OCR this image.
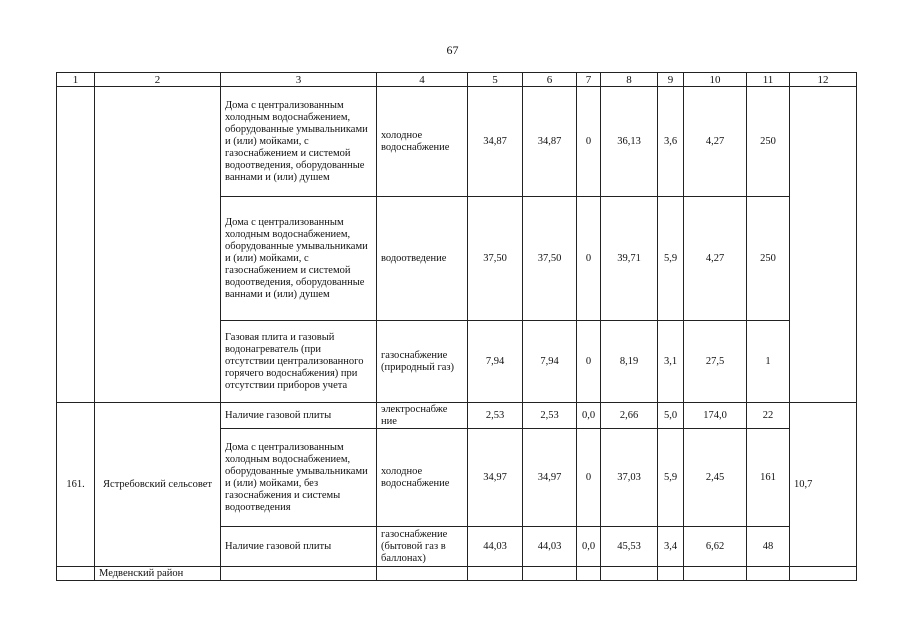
67
1	2	3	4	5	6	7	8	9	10	11	12
		Дома с централизованным холодным водоснабжением, оборудованные умывальниками и (или) мойками, с газоснабжением и системой водоотведения, оборудованные ваннами и (или) душем	холодное водоснабжение	34,87	34,87	0	36,13	3,6	4,27	250	
		Дома с централизованным холодным водоснабжением, оборудованные умывальниками и (или) мойками, с газоснабжением и системой водоотведения, оборудованные ваннами и (или) душем	водоотведение	37,50	37,50	0	39,71	5,9	4,27	250	
		Газовая плита и газовый водонагреватель (при отсутствии централизованного горячего водоснабжения) при отсутствии приборов учета	газоснабжение (природный газ)	7,94	7,94	0	8,19	3,1	27,5	1	
161.	Ястребовский сельсовет	Наличие газовой плиты	электроснабже ние	2,53	2,53	0,0	2,66	5,0	174,0	22	10,7
		Дома с централизованным холодным водоснабжением, оборудованные умывальниками и (или) мойками, без газоснабжения и системы водоотведения	холодное водоснабжение	34,97	34,97	0	37,03	5,9	2,45	161	
		Наличие газовой плиты	газоснабжение (бытовой газ в баллонах)	44,03	44,03	0,0	45,53	3,4	6,62	48	
	Медвенский район										
